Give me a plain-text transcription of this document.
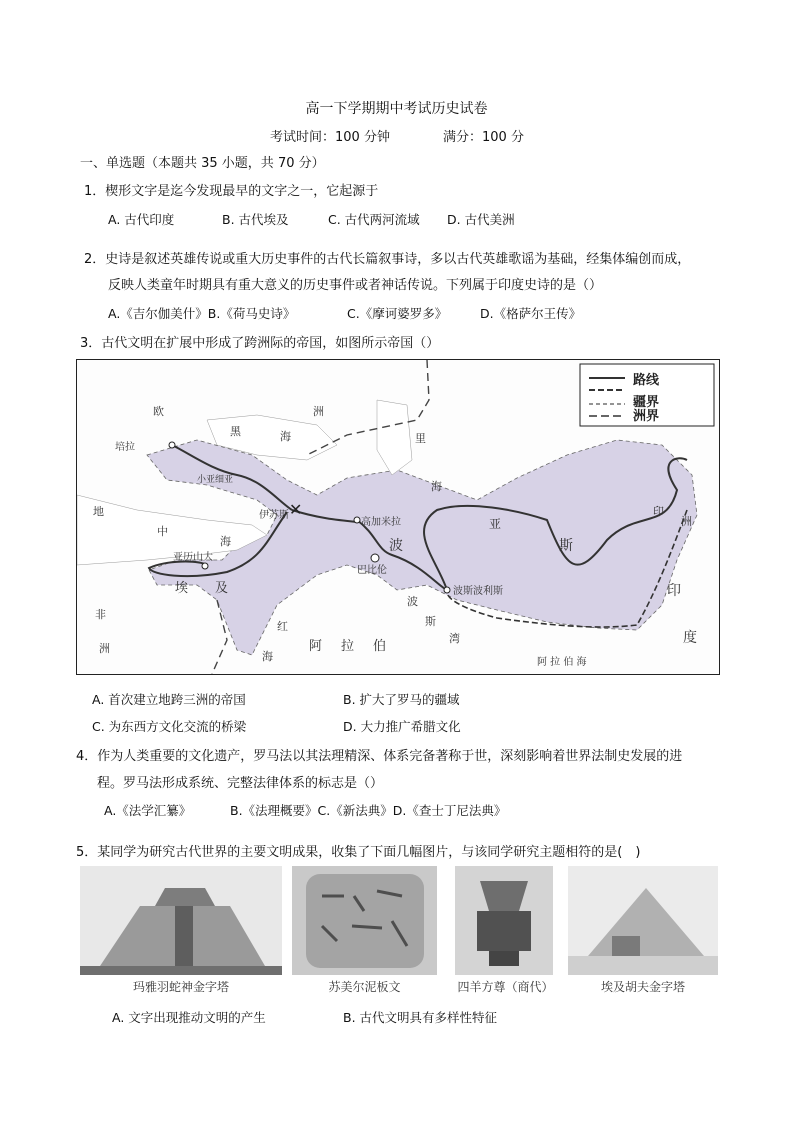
高一下学期期中考试历史试卷
考试时间：100 分钟	满分：100 分
一、单选题（本题共 35 小题，共 70 分）
1．楔形文字是迄今发现最早的文字之一，它起源于
A. 古代印度	B. 古代埃及	C. 古代两河流域 D. 古代美洲
2．史诗是叙述英雄传说或重大历史事件的古代长篇叙事诗，多以古代英雄歌谣为基础，经集体编创而成，
反映人类童年时期具有重大意义的历史事件或者神话传说。下列属于印度史诗的是（）
A.《吉尔伽美什》B.《荷马史诗》	C.《摩诃婆罗多》	D.《格萨尔王传》
3．古代文明在扩展中形成了跨洲际的帝国，如图所示帝国（）
✕
路线
疆界
洲界
欧	洲
黑	海	里
海
培拉
小亚细亚
地
中
海
伊苏斯
高加米拉
波	斯
亚
亚历山大
巴比伦
波斯波利斯
埃 及
非
洲
红
海
阿 拉 伯
波
斯
湾
印
度
阿 拉 伯 海
印
洲
A. 首次建立地跨三洲的帝国	B. 扩大了罗马的疆域
C. 为东西方文化交流的桥梁	D. 大力推广希腊文化
4．作为人类重要的文化遗产，罗马法以其法理精深、体系完备著称于世，深刻影响着世界法制史发展的进
程。罗马法形成系统、完整法律体系的标志是（）
A.《法学汇纂》	B.《法理概要》C.《新法典》D.《查士丁尼法典》
5．某同学为研究古代世界的主要文明成果，收集了下面几幅图片，与该同学研究主题相符的是(　)
玛雅羽蛇神金字塔	苏美尔泥板文	四羊方尊（商代）	埃及胡夫金字塔
A. 文字出现推动文明的产生	B. 古代文明具有多样性特征
